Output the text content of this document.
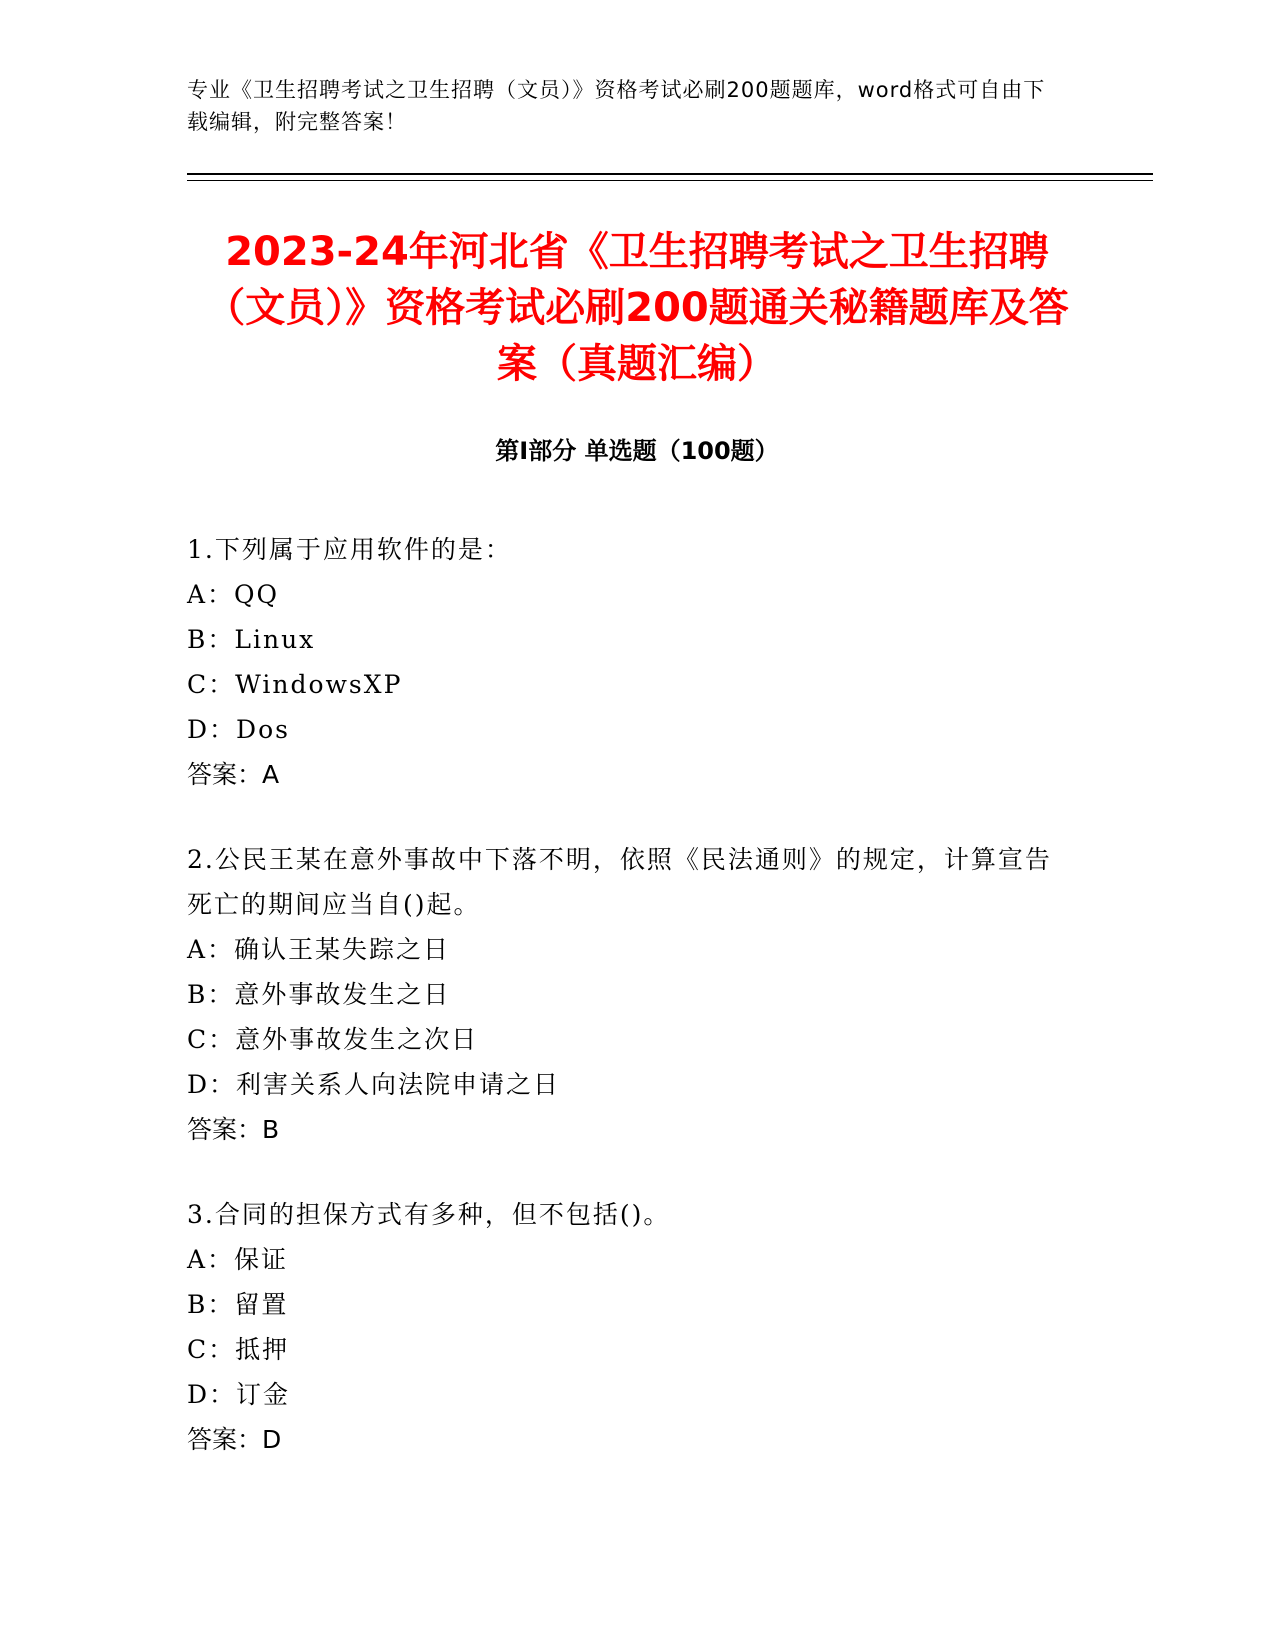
专业《卫生招聘考试之卫生招聘（文员）》资格考试必刷200题题库，word格式可自由下载编辑，附完整答案！
2023-24年河北省《卫生招聘考试之卫生招聘（文员）》资格考试必刷200题通关秘籍题库及答案（真题汇编）
第Ⅰ部分 单选题（100题）
1.下列属于应用软件的是：
A：QQ
B：Linux
C：WindowsXP
D：Dos
答案：A
2.公民王某在意外事故中下落不明，依照《民法通则》的规定，计算宣告死亡的期间应当自()起。
A：确认王某失踪之日
B：意外事故发生之日
C：意外事故发生之次日
D：利害关系人向法院申请之日
答案：B
3.合同的担保方式有多种，但不包括()。
A：保证
B：留置
C：抵押
D：订金
答案：D
